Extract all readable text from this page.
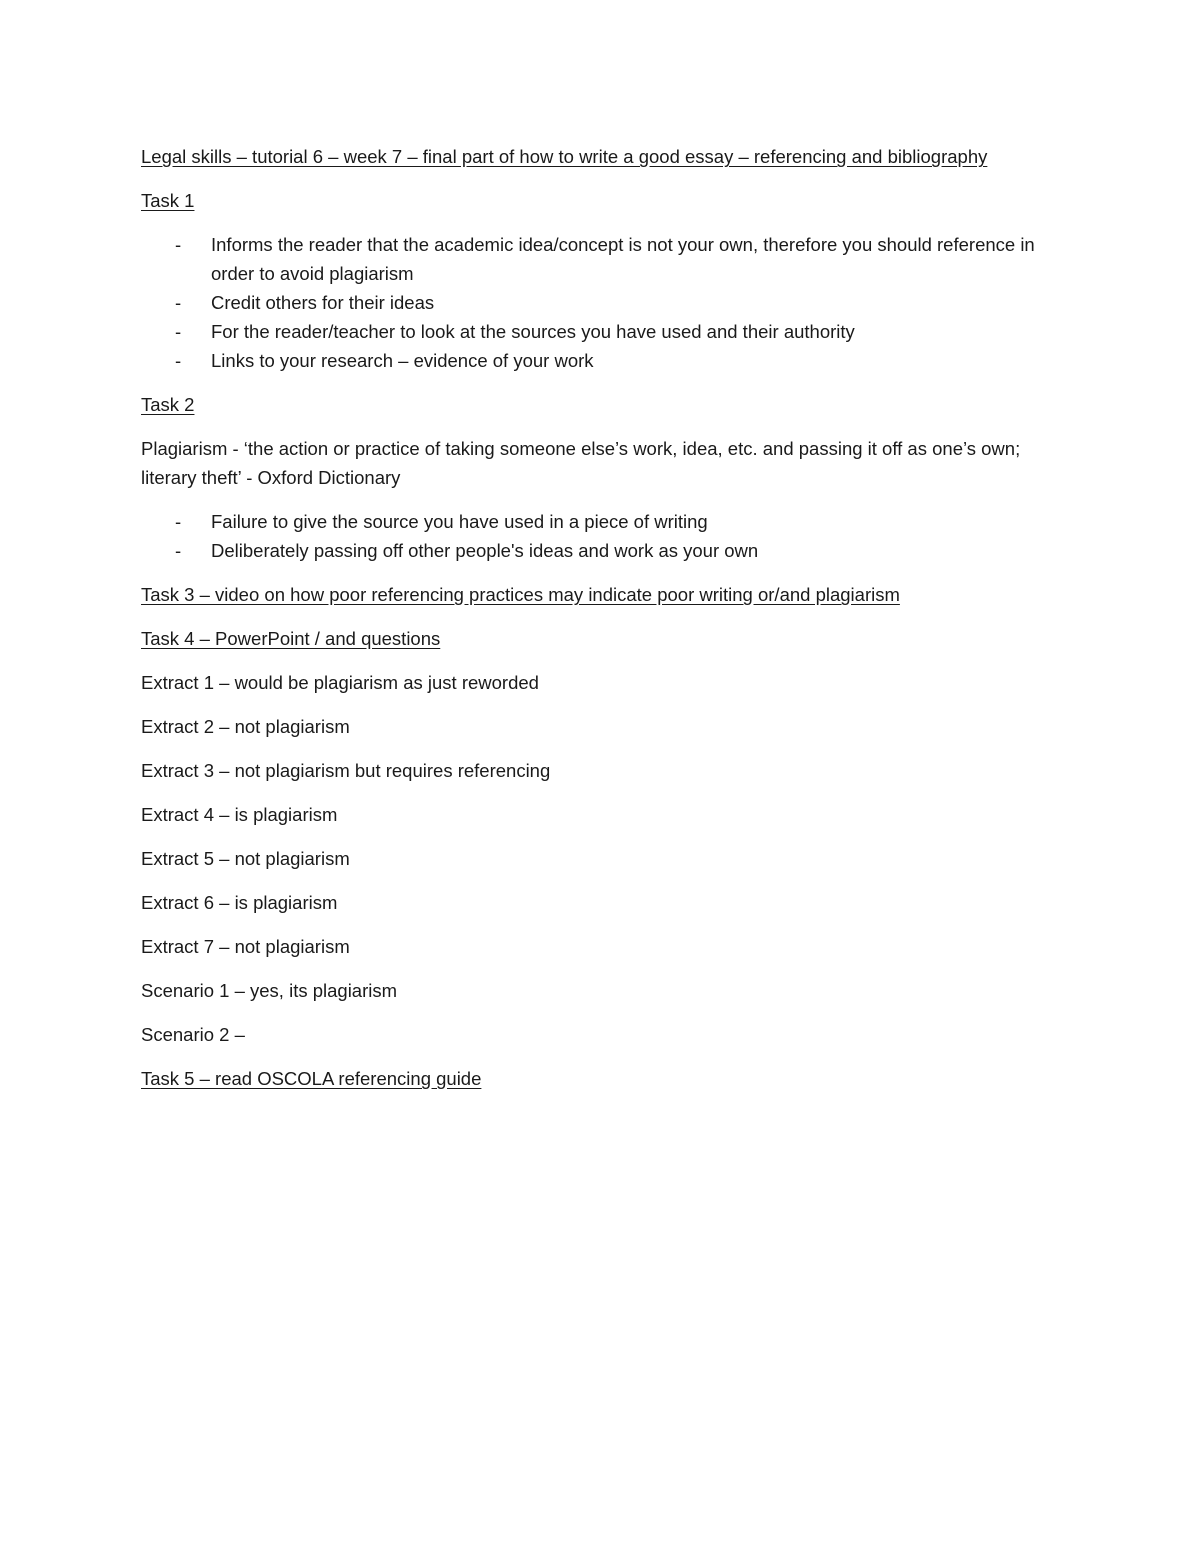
Legal skills – tutorial 6 – week 7 – final part of how to write a good essay – referencing and bibliography

Task 1

- Informs the reader that the academic idea/concept is not your own, therefore you should reference in order to avoid plagiarism
- Credit others for their ideas
- For the reader/teacher to look at the sources you have used and their authority
- Links to your research – evidence of your work

Task 2

Plagiarism - ‘the action or practice of taking someone else’s work, idea, etc. and passing it off as one’s own; literary theft’ - Oxford Dictionary

- Failure to give the source you have used in a piece of writing
- Deliberately passing off other people's ideas and work as your own

Task 3 – video on how poor referencing practices may indicate poor writing or/and plagiarism

Task 4 – PowerPoint / and questions

Extract 1 – would be plagiarism as just reworded

Extract 2 – not plagiarism

Extract 3 – not plagiarism but requires referencing

Extract 4 – is plagiarism

Extract 5 – not plagiarism

Extract 6 – is plagiarism

Extract 7 – not plagiarism

Scenario 1 – yes, its plagiarism

Scenario 2 –

Task 5 – read OSCOLA referencing guide
